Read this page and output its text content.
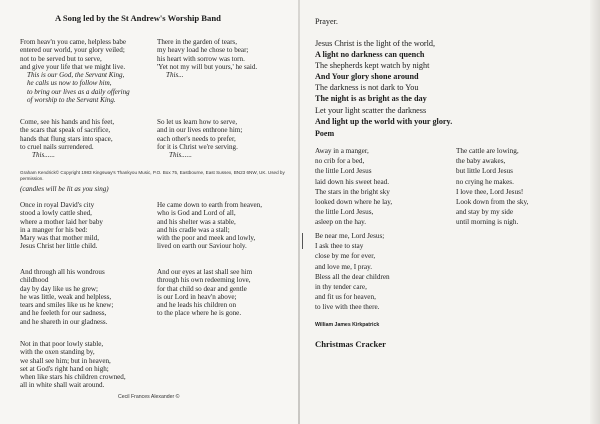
A Song led by the St Andrew's Worship Band
From heav'n you came, helpless babe
entered our world, your glory veiled;
not to be served but to serve,
and give your life that we might live.
This is our God, the Servant King,
he calls us now to follow him,
to bring our lives as a daily offering
of worship to the Servant King.
There in the garden of tears,
my heavy load he chose to bear;
his heart with sorrow was torn.
'Yet not my will but yours,' he said.
This...
Come, see his hands and his feet,
the scars that speak of sacrifice,
hands that flung stars into space,
to cruel nails surrendered.
This......
So let us learn how to serve,
and in our lives enthrone him;
each other's needs to prefer,
for it is Christ we're serving.
This......
Graham Kendrick© Copyright 1983 Kingsway's Thankyou Music, P.O. Box 75, Eastbourne, East Sussex, BN23 6NW, UK. Used by
permission.
(candles will be lit as you sing)
Once in royal David's city
stood a lowly cattle shed,
where a mother laid her baby
in a manger for his bed:
Mary was that mother mild,
Jesus Christ her little child.
He came down to earth from heaven,
who is God and Lord of all,
and his shelter was a stable,
and his cradle was a stall;
with the poor and meek and lowly,
lived on earth our Saviour holy.
And through all his wondrous
childhood
day by day like us he grew;
he was little, weak and helpless,
tears and smiles like us he knew;
and he feeleth for our sadness,
and he shareth in our gladness.
And our eyes at last shall see him
through his own redeeming love,
for that child so dear and gentle
is our Lord in heav'n above;
and he leads his children on
to the place where he is gone.
Not in that poor lowly stable,
with the oxen standing by,
we shall see him; but in heaven,
set at God's right hand on high;
when like stars his children crowned,
all in white shall wait around.
Cecil Frances Alexander ©
Prayer.
Jesus Christ is the light of the world,
A light no darkness can quench
The shepherds kept watch by night
And Your glory shone around
The darkness is not dark to You
The night is as bright as the day
Let your light scatter the darkness
And light up the world with your glory.
Poem
Away in a manger,
no crib for a bed,
the little Lord Jesus
laid down his sweet head.
The stars in the bright sky
looked down where he lay,
the little Lord Jesus,
asleep on the hay.
The cattle are lowing,
the baby awakes,
but little Lord Jesus
no crying he makes.
I love thee, Lord Jesus!
Look down from the sky,
and stay by my side
until morning is nigh.
Be near me, Lord Jesus;
I ask thee to stay
close by me for ever,
and love me, I pray.
Bless all the dear children
in thy tender care,
and fit us for heaven,
to live with thee there.
William James Kirkpatrick
Christmas Cracker
